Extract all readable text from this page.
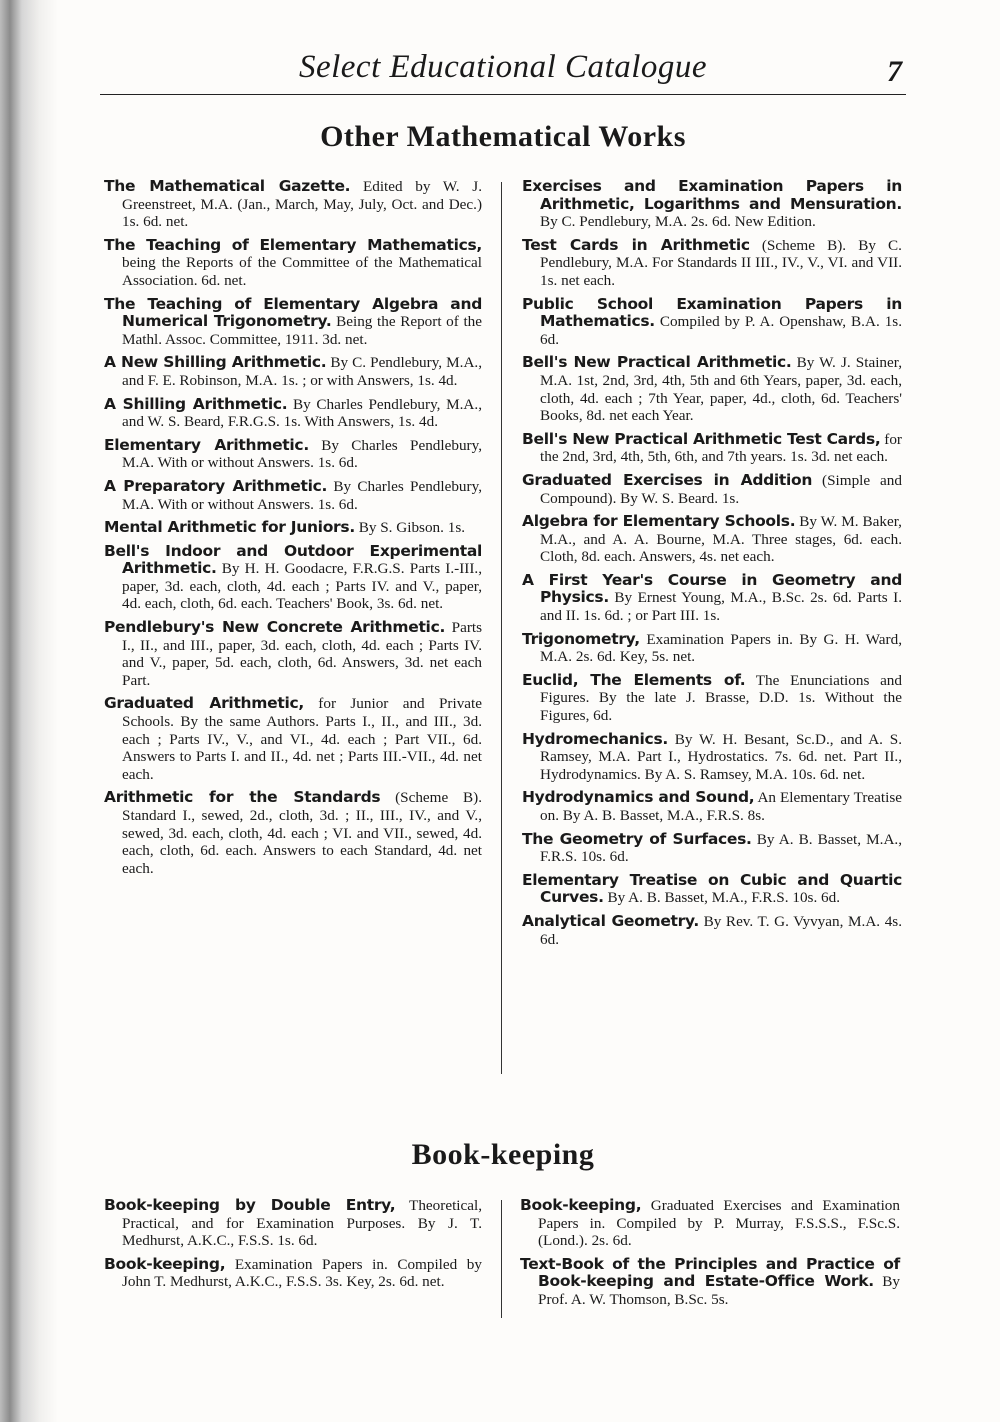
Select Educational Catalogue	7
Other Mathematical Works

The Mathematical Gazette. Edited by W. J. Greenstreet, M.A. (Jan., March, May, July, Oct. and Dec.) 1s. 6d. net.

The Teaching of Elementary Mathematics, being the Reports of the Committee of the Mathematical Association. 6d. net.

The Teaching of Elementary Algebra and Numerical Trigonometry. Being the Report of the Mathl. Assoc. Committee, 1911. 3d. net.

A New Shilling Arithmetic. By C. Pendlebury, M.A., and F. E. Robinson, M.A. 1s. ; or with Answers, 1s. 4d.

A Shilling Arithmetic. By Charles Pendlebury, M.A., and W. S. Beard, F.R.G.S. 1s. With Answers, 1s. 4d.

Elementary Arithmetic. By Charles Pendlebury, M.A. With or without Answers. 1s. 6d.

A Preparatory Arithmetic. By Charles Pendlebury, M.A. With or without Answers. 1s. 6d.

Mental Arithmetic for Juniors. By S. Gibson. 1s.

Bell's Indoor and Outdoor Experimental Arithmetic. By H. H. Goodacre, F.R.G.S. Parts I.-III., paper, 3d. each, cloth, 4d. each ; Parts IV. and V., paper, 4d. each, cloth, 6d. each. Teachers' Book, 3s. 6d. net.

Pendlebury's New Concrete Arithmetic. Parts I., II., and III., paper, 3d. each, cloth, 4d. each ; Parts IV. and V., paper, 5d. each, cloth, 6d. Answers, 3d. net each Part.

Graduated Arithmetic, for Junior and Private Schools. By the same Authors. Parts I., II., and III., 3d. each ; Parts IV., V., and VI., 4d. each ; Part VII., 6d. Answers to Parts I. and II., 4d. net ; Parts III.-VII., 4d. net each.

Arithmetic for the Standards (Scheme B). Standard I., sewed, 2d., cloth, 3d. ; II., III., IV., and V., sewed, 3d. each, cloth, 4d. each ; VI. and VII., sewed, 4d. each, cloth, 6d. each. Answers to each Standard, 4d. net each.

Exercises and Examination Papers in Arithmetic, Logarithms and Mensuration. By C. Pendlebury, M.A. 2s. 6d. New Edition.

Test Cards in Arithmetic (Scheme B). By C. Pendlebury, M.A. For Standards II III., IV., V., VI. and VII. 1s. net each.

Public School Examination Papers in Mathematics. Compiled by P. A. Openshaw, B.A. 1s. 6d.

Bell's New Practical Arithmetic. By W. J. Stainer, M.A. 1st, 2nd, 3rd, 4th, 5th and 6th Years, paper, 3d. each, cloth, 4d. each ; 7th Year, paper, 4d., cloth, 6d. Teachers' Books, 8d. net each Year.

Bell's New Practical Arithmetic Test Cards, for the 2nd, 3rd, 4th, 5th, 6th, and 7th years. 1s. 3d. net each.

Graduated Exercises in Addition (Simple and Compound). By W. S. Beard. 1s.

Algebra for Elementary Schools. By W. M. Baker, M.A., and A. A. Bourne, M.A. Three stages, 6d. each. Cloth, 8d. each. Answers, 4s. net each.

A First Year's Course in Geometry and Physics. By Ernest Young, M.A., B.Sc. 2s. 6d. Parts I. and II. 1s. 6d. ; or Part III. 1s.

Trigonometry, Examination Papers in. By G. H. Ward, M.A. 2s. 6d. Key, 5s. net.

Euclid, The Elements of. The Enunciations and Figures. By the late J. Brasse, D.D. 1s. Without the Figures, 6d.

Hydromechanics. By W. H. Besant, Sc.D., and A. S. Ramsey, M.A. Part I., Hydrostatics. 7s. 6d. net. Part II., Hydrodynamics. By A. S. Ramsey, M.A. 10s. 6d. net.

Hydrodynamics and Sound, An Elementary Treatise on. By A. B. Basset, M.A., F.R.S. 8s.

The Geometry of Surfaces. By A. B. Basset, M.A., F.R.S. 10s. 6d.

Elementary Treatise on Cubic and Quartic Curves. By A. B. Basset, M.A., F.R.S. 10s. 6d.

Analytical Geometry. By Rev. T. G. Vyvyan, M.A. 4s. 6d.

Book-keeping

Book-keeping by Double Entry, Theoretical, Practical, and for Examination Purposes. By J. T. Medhurst, A.K.C., F.S.S. 1s. 6d.

Book-keeping, Examination Papers in. Compiled by John T. Medhurst, A.K.C., F.S.S. 3s. Key, 2s. 6d. net.

Book-keeping, Graduated Exercises and Examination Papers in. Compiled by P. Murray, F.S.S.S., F.Sc.S. (Lond.). 2s. 6d.

Text-Book of the Principles and Practice of Book-keeping and Estate-Office Work. By Prof. A. W. Thomson, B.Sc. 5s.
